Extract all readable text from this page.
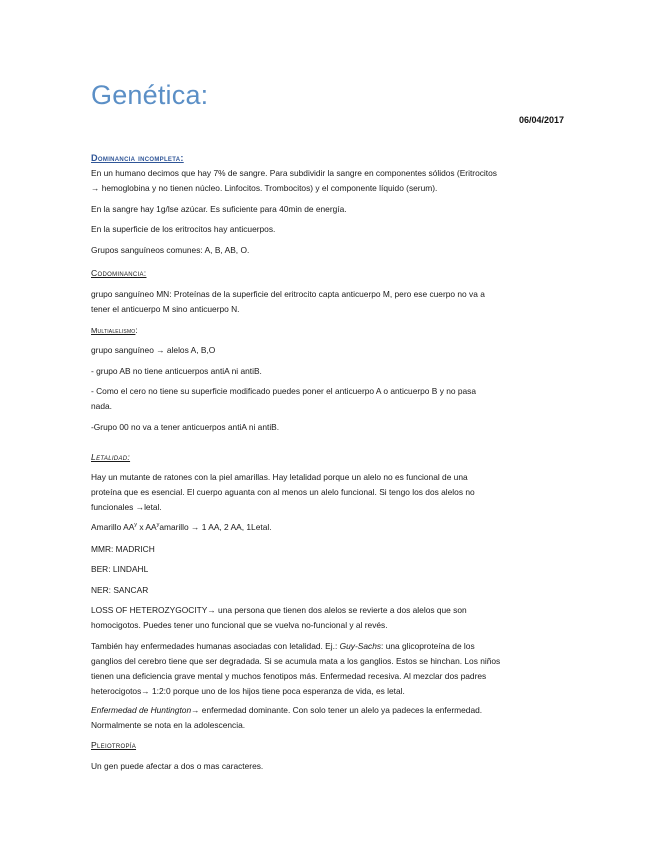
Genética:
06/04/2017
Dominancia incompleta:
En un humano decimos que hay 7% de sangre. Para subdividir la sangre en componentes sólidos (Eritrocitos
→ hemoglobina y no tienen núcleo. Linfocitos. Trombocitos) y el componente líquido (serum).
En la sangre hay 1g/lse azúcar. Es suficiente para 40min de energía.
En la superficie de los eritrocitos hay anticuerpos.
Grupos sanguíneos comunes: A, B, AB, O.
Codominancia:
grupo sanguíneo MN: Proteínas de la superficie del eritrocito capta anticuerpo M, pero ese cuerpo no va a
tener el anticuerpo M sino anticuerpo N.
Multialelismo:
grupo sanguíneo → alelos A, B,O
- grupo AB no tiene anticuerpos antiA ni antiB.
- Como el cero no tiene su superficie modificado puedes poner el anticuerpo A o anticuerpo B y no pasa
nada.
-Grupo 00 no va a tener anticuerpos antiA ni antiB.
Letalidad:
Hay un mutante de ratones con la piel amarillas. Hay letalidad porque un alelo no es funcional de una
proteína que es esencial. El cuerpo aguanta con al menos un alelo funcional. Si tengo los dos alelos no
funcionales →letal.
Amarillo $AA^y$ x $AA^yamarillo \to 1$ AA, 2 AA, 1Letal.
MMR: MADRICH
BER: LINDAHL
NER: SANCAR
LOSS OF HETEROZYGOCITY→ una persona que tienen dos alelos se revierte a dos alelos que son
homocigotos. Puedes tener uno funcional que se vuelva no-funcional y al revés.
También hay enfermedades humanas asociadas con letalidad. Ej.: Guy-Sachs: una glicoproteína de los
ganglios del cerebro tiene que ser degradada. Si se acumula mata a los ganglios. Estos se hinchan. Los niños
tienen una deficiencia grave mental y muchos fenotipos más. Enfermedad recesiva. Al mezclar dos padres
heterocigotos→ 1:2:0 porque uno de los hijos tiene poca esperanza de vida, es letal.
Enfermedad de Huntington→ enfermedad dominante. Con solo tener un alelo ya padeces la enfermedad.
Normalmente se nota en la adolescencia.
Pleiotropía
Un gen puede afectar a dos o mas caracteres.
